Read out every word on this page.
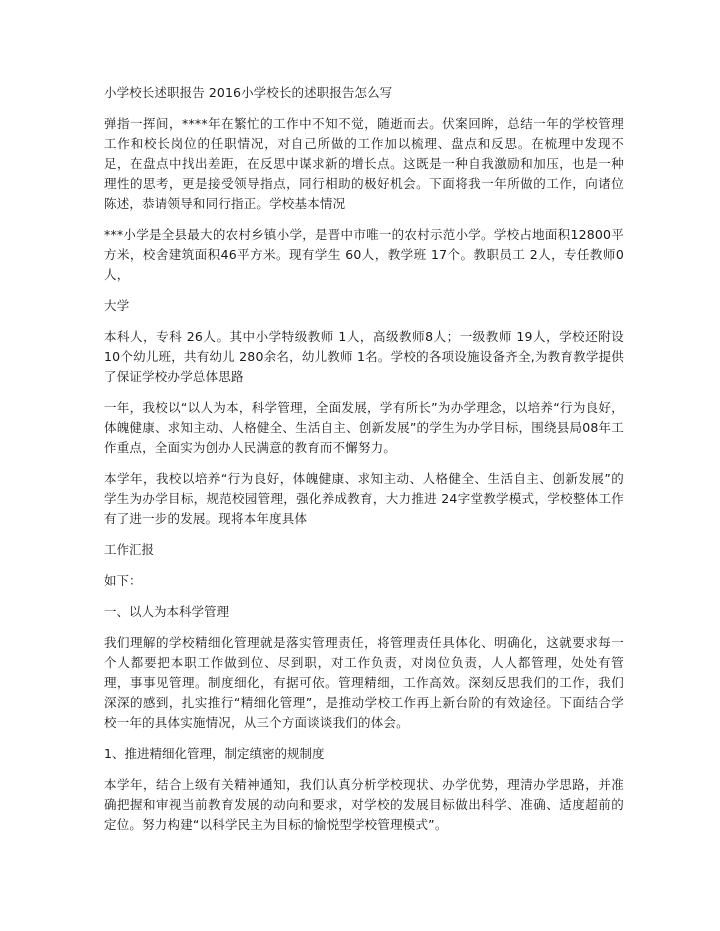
小学校长述职报告 2016小学校长的述职报告怎么写

弹指一挥间，****年在繁忙的工作中不知不觉，随逝而去。伏案回眸，总结一年的学校管理工作和校长岗位的任职情况，对自己所做的工作加以梳理、盘点和反思。在梳理中发现不足，在盘点中找出差距，在反思中谋求新的增长点。这既是一种自我激励和加压，也是一种理性的思考，更是接受领导指点，同行相助的极好机会。下面将我一年所做的工作，向诸位陈述，恭请领导和同行指正。学校基本情况

***小学是全县最大的农村乡镇小学，是晋中市唯一的农村示范小学。学校占地面积12800平方米，校舍建筑面积46平方米。现有学生 60人，教学班 17个。教职员工 2人，专任教师0人，

大学

本科人，专科 26人。其中小学特级教师 1人，高级教师8人；一级教师 19人，学校还附设 10个幼儿班，共有幼儿 280余名，幼儿教师 1名。学校的各项设施设备齐全,为教育教学提供了保证学校办学总体思路

一年，我校以“以人为本，科学管理，全面发展，学有所长”为办学理念，以培养“行为良好，体魄健康、求知主动、人格健全、生活自主、创新发展”的学生为办学目标，围绕县局08年工作重点，全面实为创办人民满意的教育而不懈努力。

本学年，我校以培养“行为良好，体魄健康、求知主动、人格健全、生活自主、创新发展”的学生为办学目标，规范校园管理，强化养成教育，大力推进 24字堂教学模式，学校整体工作有了进一步的发展。现将本年度具体

工作汇报

如下：

一、以人为本科学管理

我们理解的学校精细化管理就是落实管理责任，将管理责任具体化、明确化，这就要求每一个人都要把本职工作做到位、尽到职，对工作负责，对岗位负责，人人都管理，处处有管理，事事见管理。制度细化，有据可依。管理精细，工作高效。深刻反思我们的工作，我们深深的感到，扎实推行“精细化管理”，是推动学校工作再上新台阶的有效途径。下面结合学校一年的具体实施情况，从三个方面谈谈我们的体会。

1、推进精细化管理，制定缜密的规制度

本学年，结合上级有关精神通知，我们认真分析学校现状、办学优势，理清办学思路，并准确把握和审视当前教育发展的动向和要求，对学校的发展目标做出科学、准确、适度超前的定位。努力构建“以科学民主为目标的愉悦型学校管理模式”。
